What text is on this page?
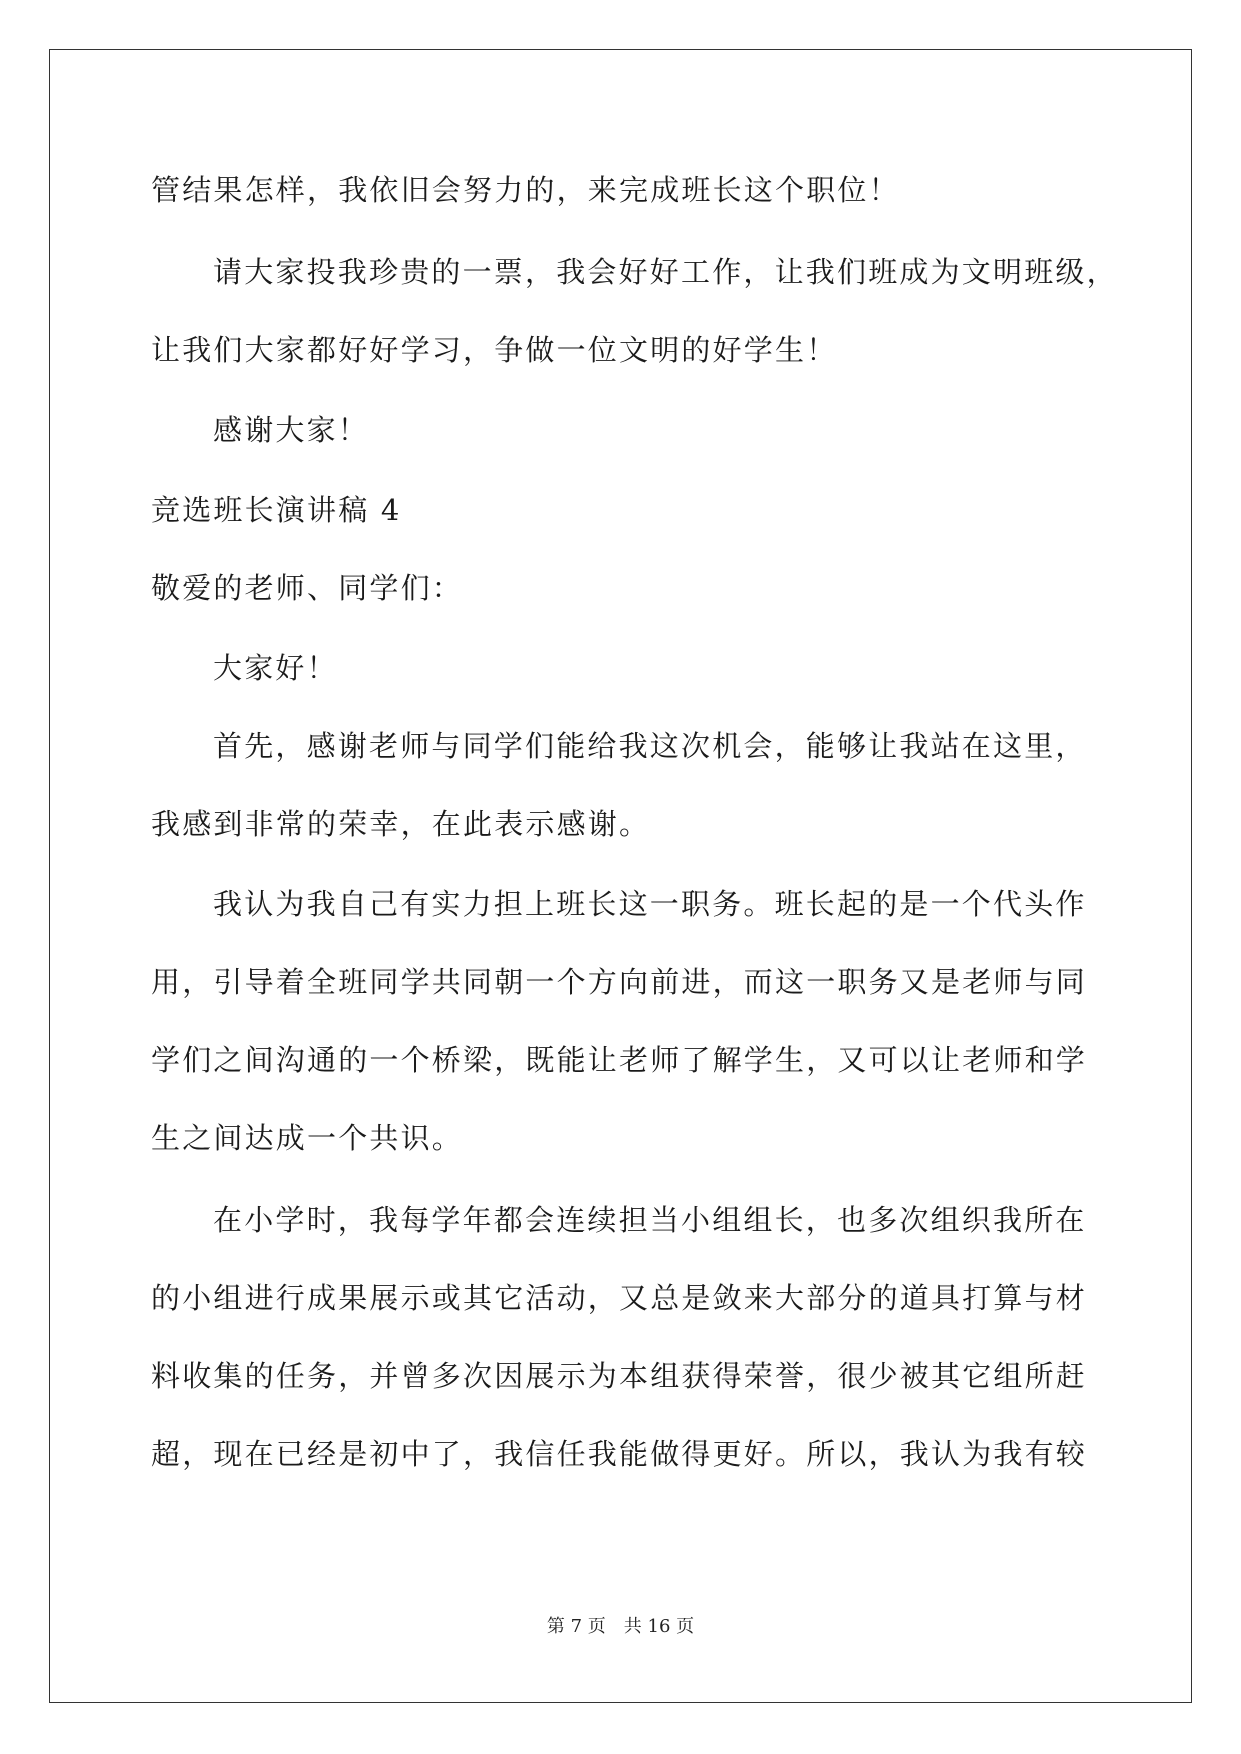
管结果怎样，我依旧会努力的，来完成班长这个职位！
请大家投我珍贵的一票，我会好好工作，让我们班成为文明班级，
让我们大家都好好学习，争做一位文明的好学生！
感谢大家！
竞选班长演讲稿 4
敬爱的老师、同学们：
大家好！
首先，感谢老师与同学们能给我这次机会，能够让我站在这里，
我感到非常的荣幸，在此表示感谢。
我认为我自己有实力担上班长这一职务。班长起的是一个代头作
用，引导着全班同学共同朝一个方向前进，而这一职务又是老师与同
学们之间沟通的一个桥梁，既能让老师了解学生，又可以让老师和学
生之间达成一个共识。
在小学时，我每学年都会连续担当小组组长，也多次组织我所在
的小组进行成果展示或其它活动，又总是敛来大部分的道具打算与材
料收集的任务，并曾多次因展示为本组获得荣誉，很少被其它组所赶
超，现在已经是初中了，我信任我能做得更好。所以，我认为我有较
第 7 页 共 16 页
